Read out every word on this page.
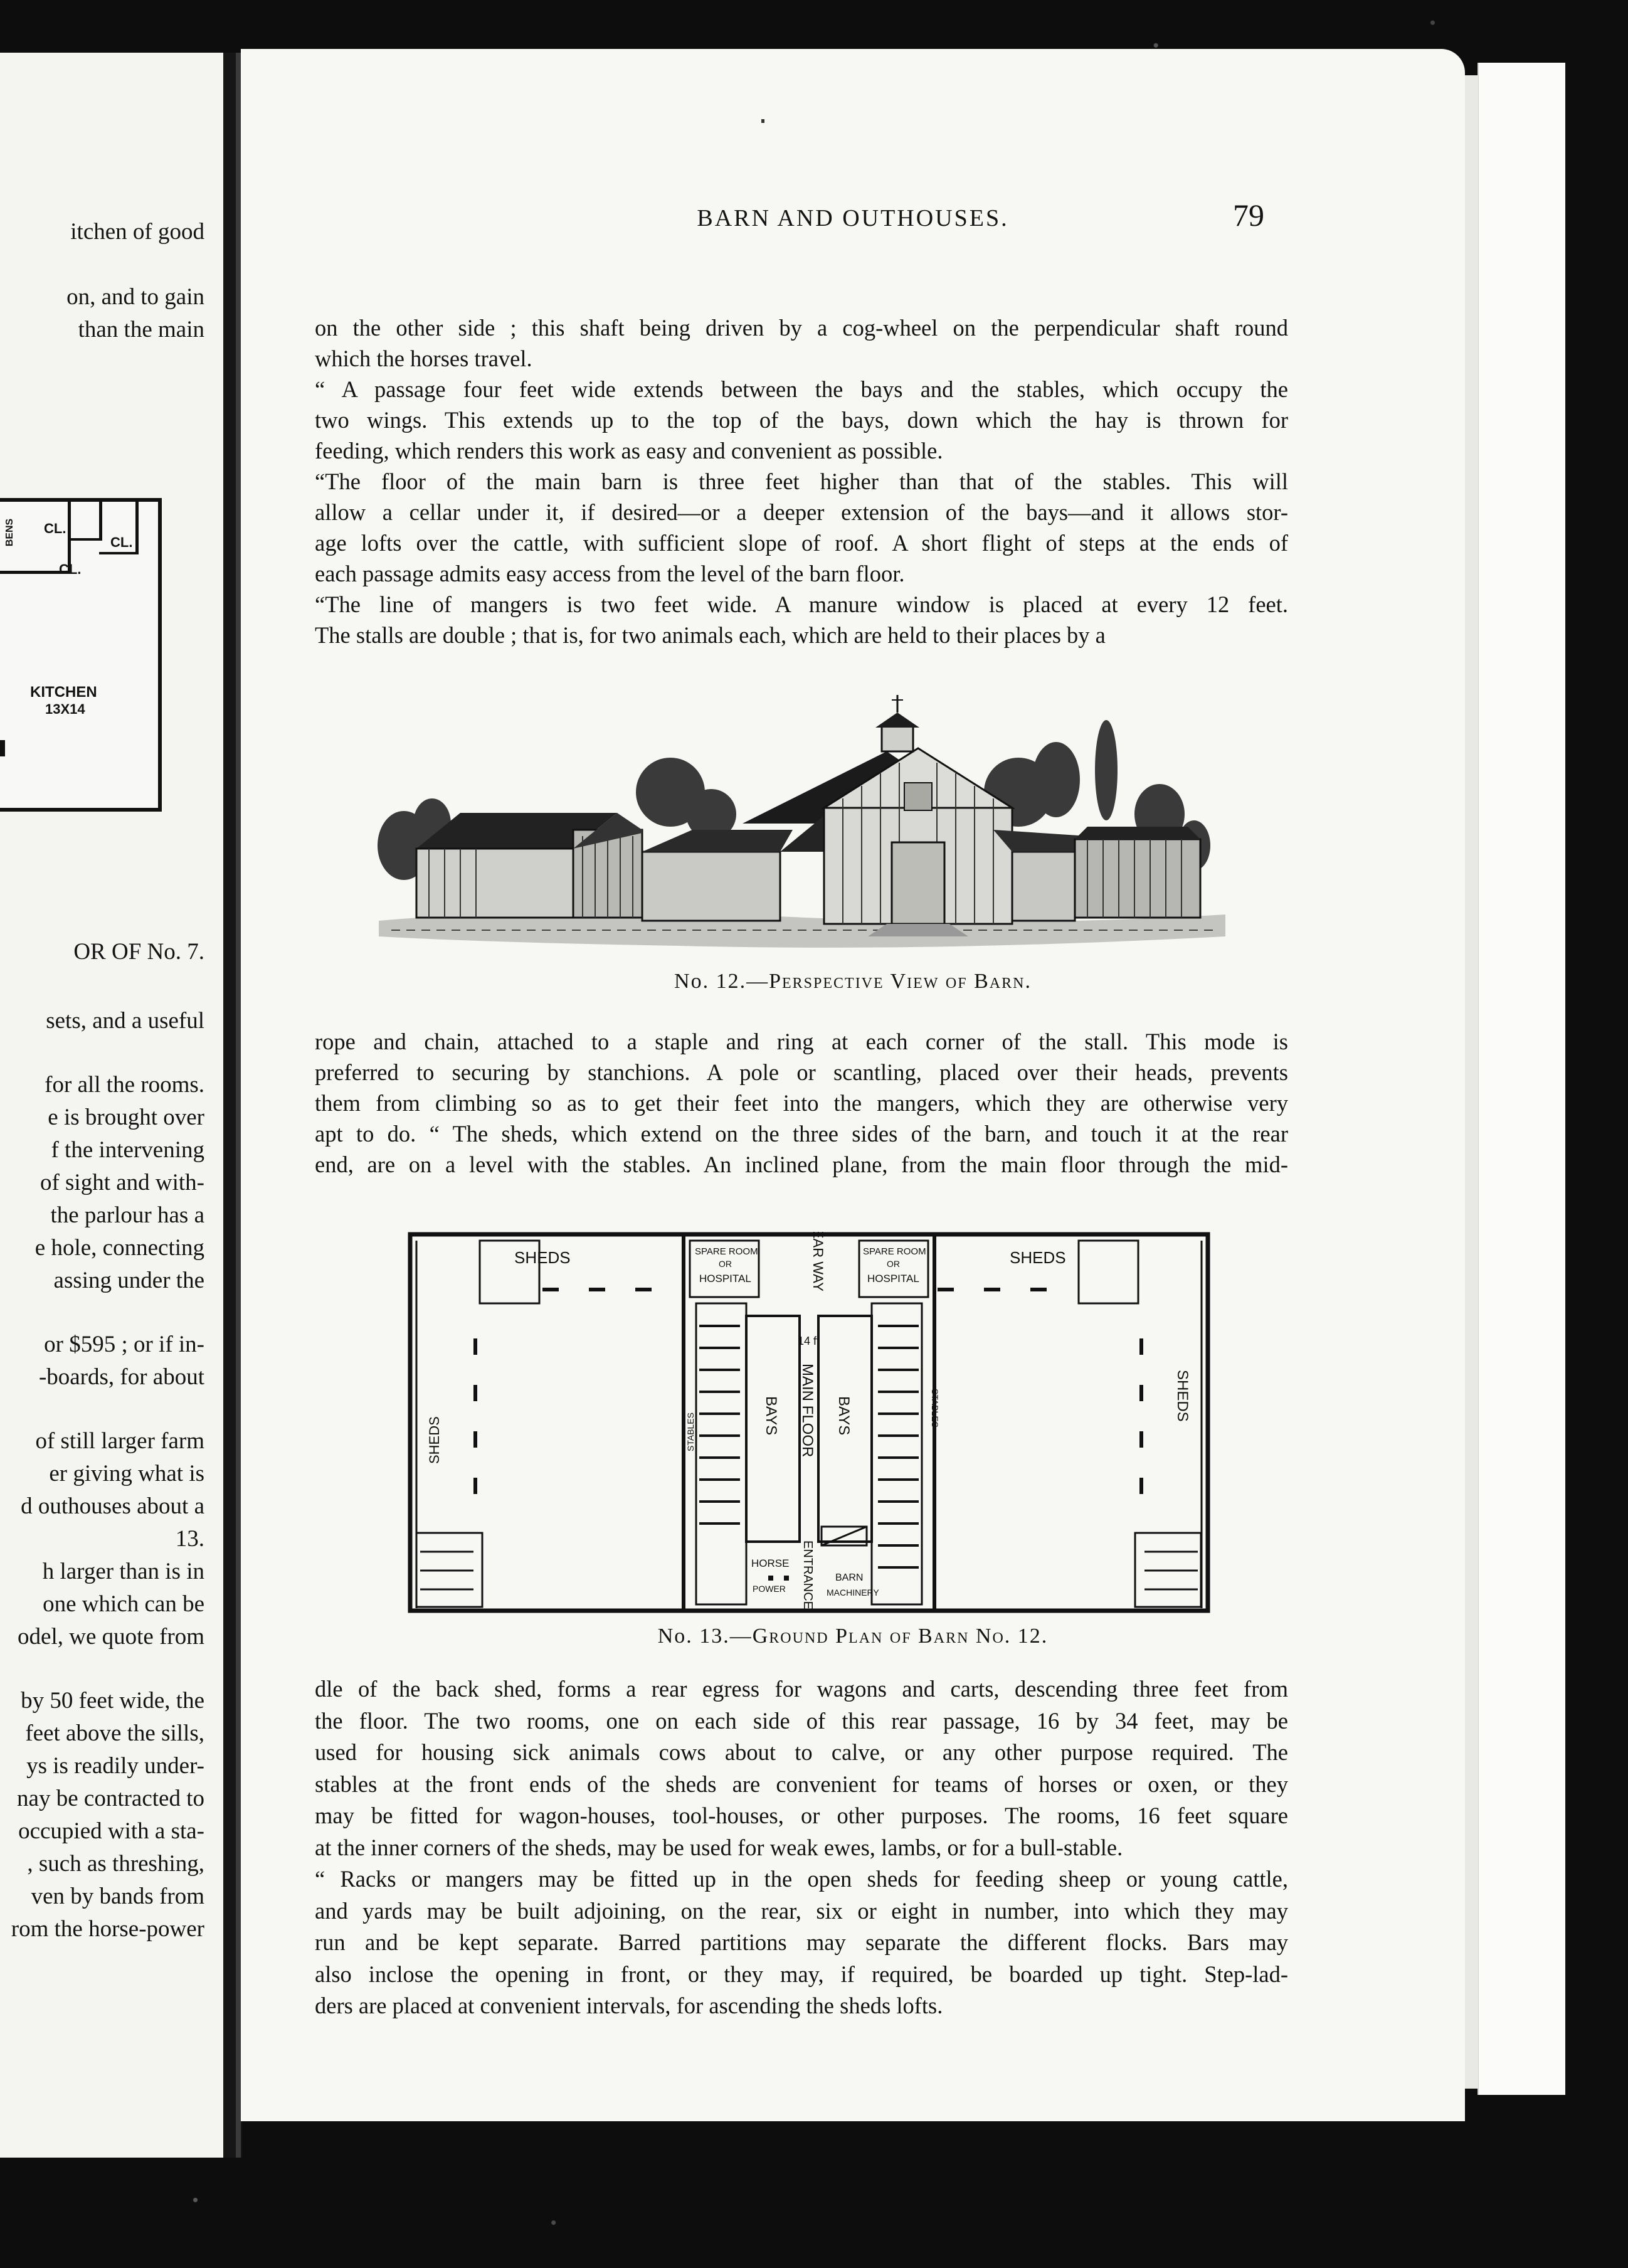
itchen of good
on, and to gain
than the main
OR OF No. 7.
sets, and a useful
for all the rooms.
e is brought over
f the intervening
of sight and with-
the parlour has a
e hole, connecting
assing under the
or $595 ; or if in-
-boards, for about
of still larger farm
er giving what is
d outhouses about a
13.
h larger than is in
one which can be
odel, we quote from
by 50 feet wide, the
feet above the sills,
ys is readily under-
nay be contracted to
occupied with a sta-
, such as threshing,
ven by bands from
rom the horse-power
CL.
CL.
CL.
BENS
KITCHEN
13X14
BARN AND OUTHOUSES.	79
on the other side ; this shaft being driven by a cog-wheel on the perpendicular shaft round
which the horses travel.
“ A passage four feet wide extends between the bays and the stables, which occupy the
two wings. This extends up to the top of the bays, down which the hay is thrown for
feeding, which renders this work as easy and convenient as possible.
“The floor of the main barn is three feet higher than that of the stables. This will
allow a cellar under it, if desired—or a deeper extension of the bays—and it allows stor-
age lofts over the cattle, with sufficient slope of roof. A short flight of steps at the ends of
each passage admits easy access from the level of the barn floor.
“The line of mangers is two feet wide. A manure window is placed at every 12 feet.
The stalls are double ; that is, for two animals each, which are held to their places by a
No. 12.—Perspective View of Barn.
rope and chain, attached to a staple and ring at each corner of the stall. This mode is
preferred to securing by stanchions. A pole or scantling, placed over their heads, prevents
them from climbing so as to get their feet into the mangers, which they are otherwise very
apt to do. “ The sheds, which extend on the three sides of the barn, and touch it at the rear
end, are on a level with the stables. An inclined plane, from the main floor through the mid-
SHEDS	SHEDS
SHEDS
SHEDS
SPARE ROOM
OR
HOSPITAL
SPARE ROOM
OR
HOSPITAL
REAR WAY
14 ft
MAIN FLOOR
ENTRANCE
BAYS	BAYS
STABLES
STABLES
HORSE
POWER
BARN
MACHINERY
No. 13.—Ground Plan of Barn No. 12.
dle of the back shed, forms a rear egress for wagons and carts, descending three feet from
the floor. The two rooms, one on each side of this rear passage, 16 by 34 feet, may be
used for housing sick animals cows about to calve, or any other purpose required. The
stables at the front ends of the sheds are convenient for teams of horses or oxen, or they
may be fitted for wagon-houses, tool-houses, or other purposes. The rooms, 16 feet square
at the inner corners of the sheds, may be used for weak ewes, lambs, or for a bull-stable.
“ Racks or mangers may be fitted up in the open sheds for feeding sheep or young cattle,
and yards may be built adjoining, on the rear, six or eight in number, into which they may
run and be kept separate. Barred partitions may separate the different flocks. Bars may
also inclose the opening in front, or they may, if required, be boarded up tight. Step-lad-
ders are placed at convenient intervals, for ascending the sheds lofts.
